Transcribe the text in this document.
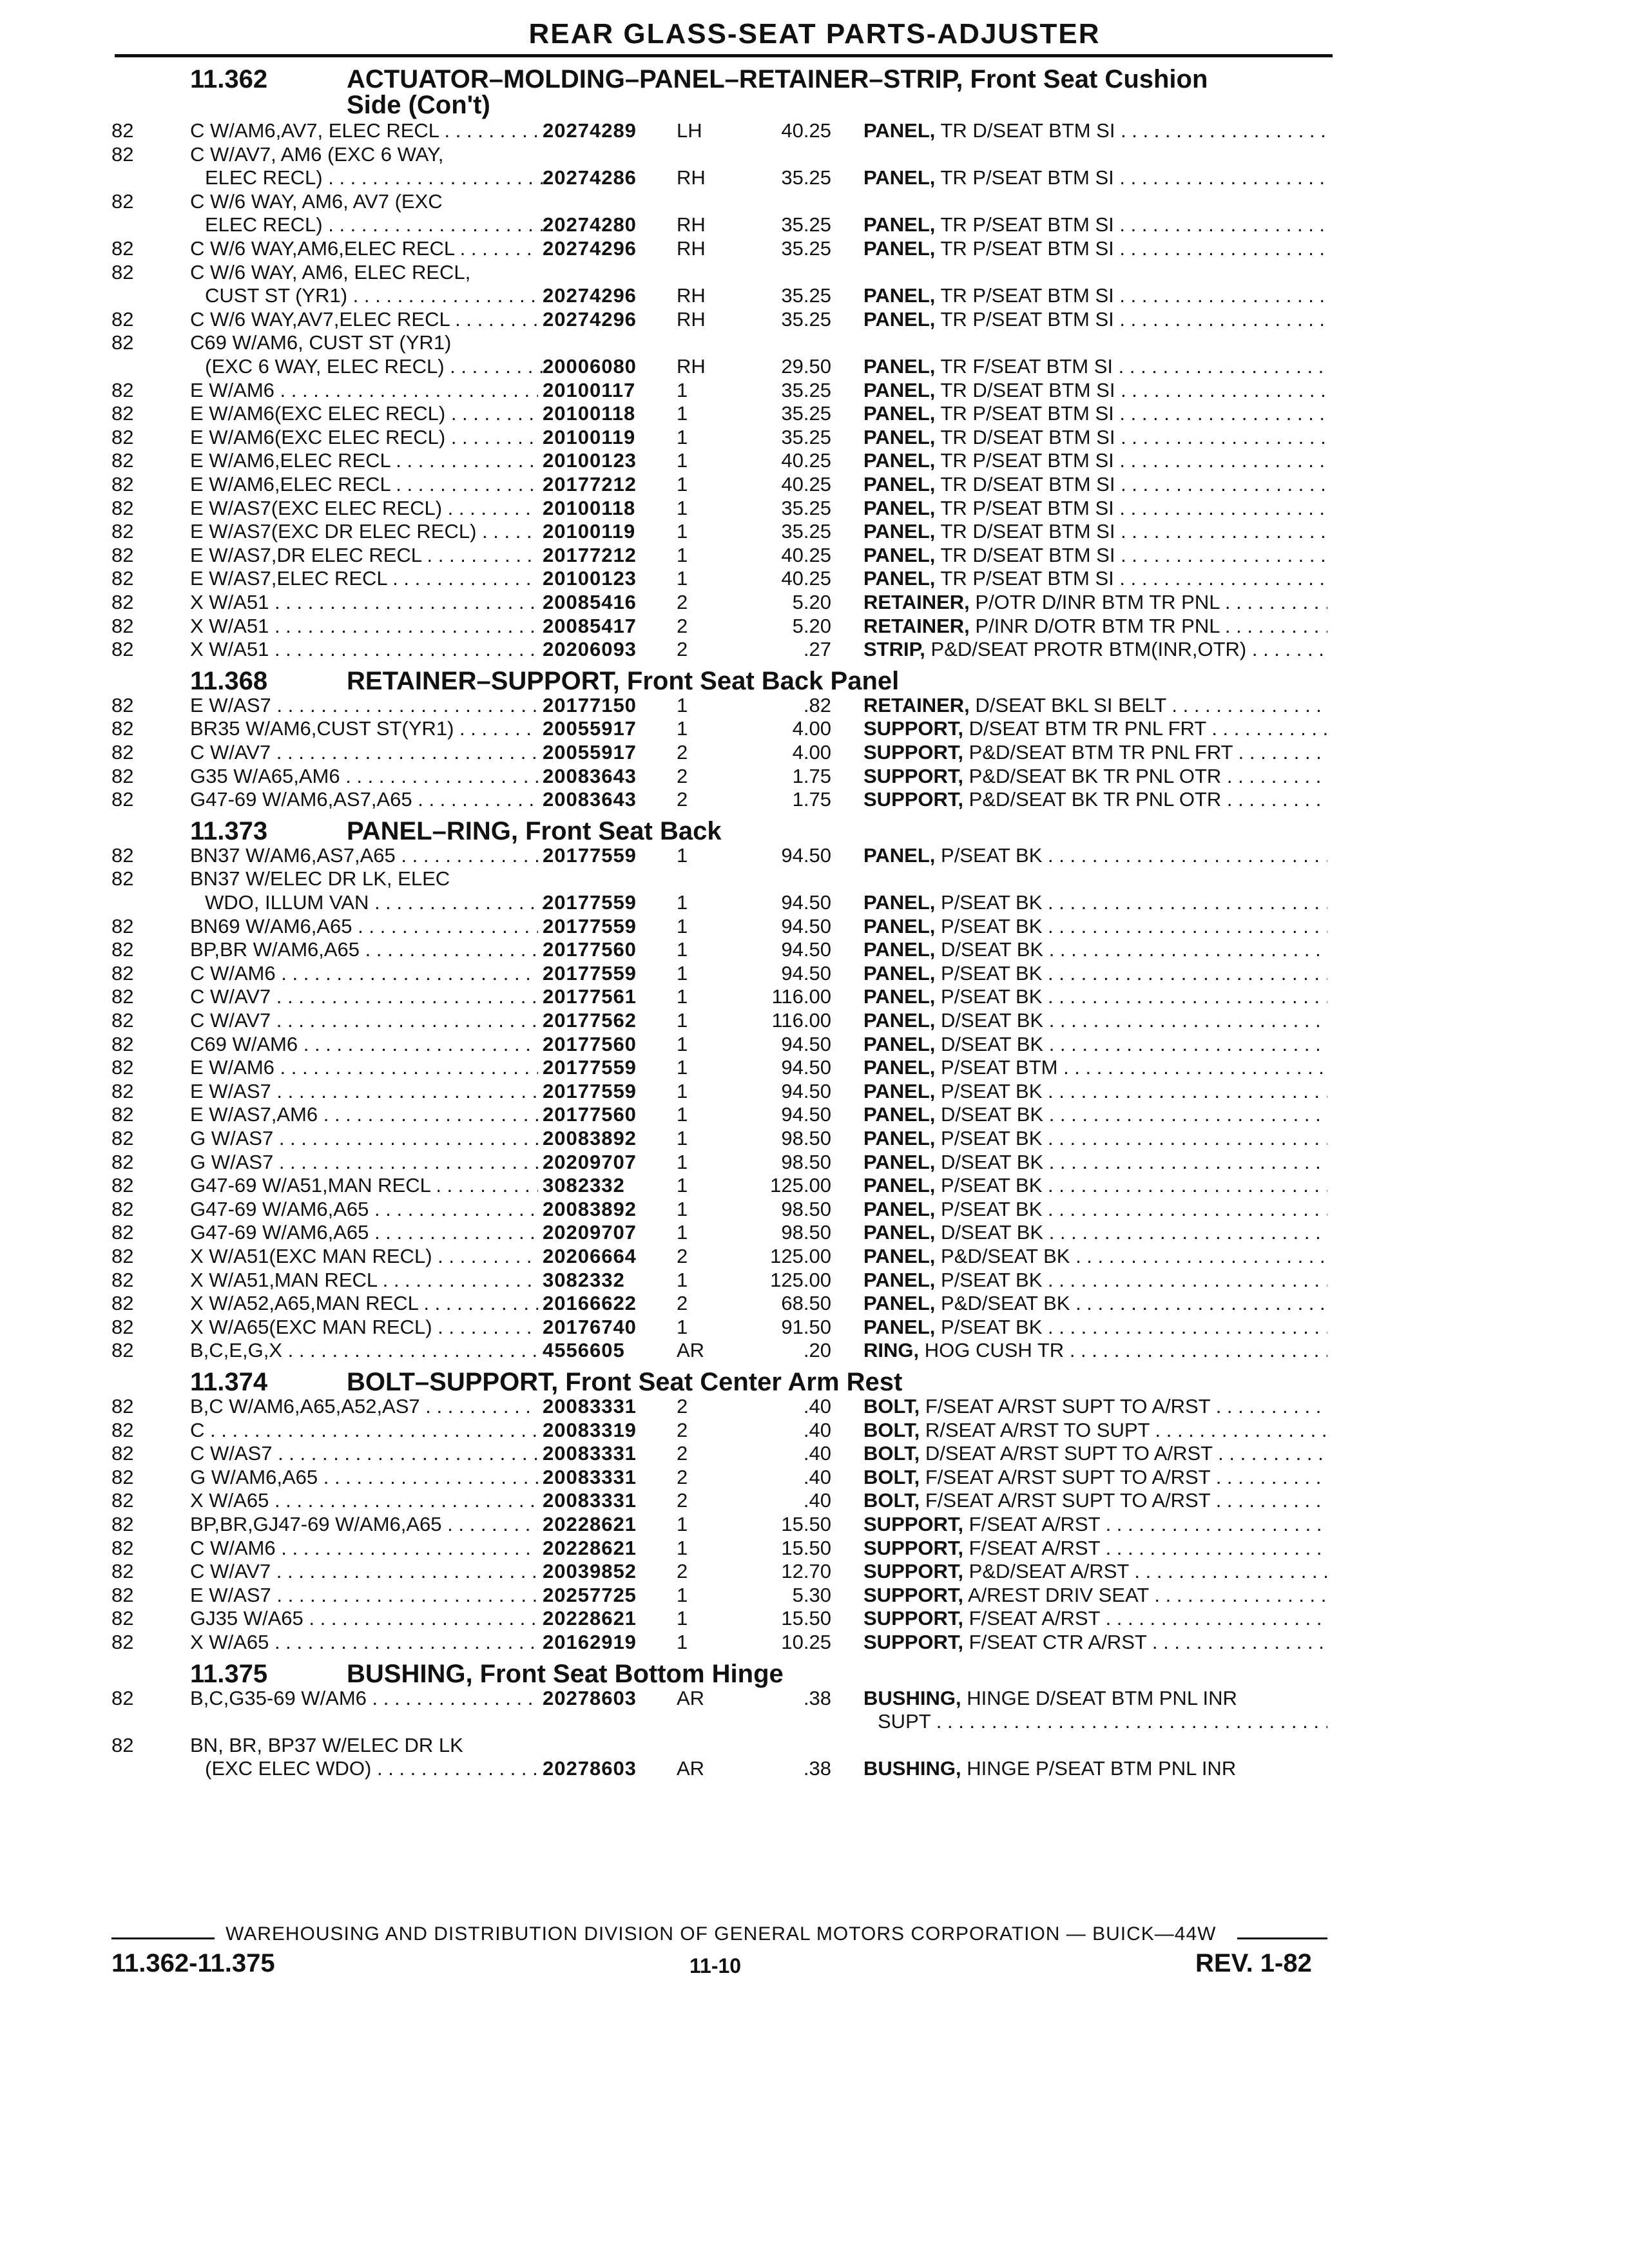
REAR GLASS-SEAT PARTS-ADJUSTER
11.362	ACTUATOR–MOLDING–PANEL–RETAINER–STRIP, Front Seat Cushion
Side (Con't)
82	C W/AM6,AV7, ELEC RECL . . .	20274289 LH	40.25 PANEL, TR D/SEAT BTM SI . . .
82	C W/AV7, AM6 (EXC 6 WAY,
ELEC RECL) . . .	20274286 RH	35.25 PANEL, TR P/SEAT BTM SI . . .
82	C W/6 WAY, AM6, AV7 (EXC
ELEC RECL) . . .	20274280 RH	35.25 PANEL, TR P/SEAT BTM SI . . .
82	C W/6 WAY,AM6,ELEC RECL . . .	20274296 RH	35.25 PANEL, TR P/SEAT BTM SI . . .
82	C W/6 WAY, AM6, ELEC RECL,
CUST ST (YR1) . . .	20274296 RH	35.25 PANEL, TR P/SEAT BTM SI . . .
82	C W/6 WAY,AV7,ELEC RECL . . .	20274296 RH	35.25 PANEL, TR P/SEAT BTM SI . . .
82	C69 W/AM6, CUST ST (YR1)
(EXC 6 WAY, ELEC RECL) . . .	20006080 RH	29.50 PANEL, TR F/SEAT BTM SI . . .
82	E W/AM6 . . .	20100117 1	35.25 PANEL, TR D/SEAT BTM SI . . .
82	E W/AM6(EXC ELEC RECL) . . .	20100118 1	35.25 PANEL, TR P/SEAT BTM SI . . .
82	E W/AM6(EXC ELEC RECL) . . .	20100119 1	35.25 PANEL, TR D/SEAT BTM SI . . .
82	E W/AM6,ELEC RECL . . .	20100123 1	40.25 PANEL, TR P/SEAT BTM SI . . .
82	E W/AM6,ELEC RECL . . .	20177212 1	40.25 PANEL, TR D/SEAT BTM SI . . .
82	E W/AS7(EXC ELEC RECL) . . .	20100118 1	35.25 PANEL, TR P/SEAT BTM SI . . .
82	E W/AS7(EXC DR ELEC RECL) . . .	20100119 1	35.25 PANEL, TR D/SEAT BTM SI . . .
82	E W/AS7,DR ELEC RECL . . .	20177212 1	40.25 PANEL, TR D/SEAT BTM SI . . .
82	E W/AS7,ELEC RECL . . .	20100123 1	40.25 PANEL, TR P/SEAT BTM SI . . .
82	X W/A51 . . .	20085416 2	5.20 RETAINER, P/OTR D/INR BTM TR PNL . . .
82	X W/A51 . . .	20085417 2	5.20 RETAINER, P/INR D/OTR BTM TR PNL . . .
82	X W/A51 . . .	20206093 2	.27 STRIP, P&D/SEAT PROTR BTM(INR,OTR) . . .
11.368	RETAINER–SUPPORT, Front Seat Back Panel
82	E W/AS7 . . .	20177150 1	.82 RETAINER, D/SEAT BKL SI BELT . . .
82	BR35 W/AM6,CUST ST(YR1) . . .	20055917 1	4.00 SUPPORT, D/SEAT BTM TR PNL FRT . . .
82	C W/AV7 . . .	20055917 2	4.00 SUPPORT, P&D/SEAT BTM TR PNL FRT . . .
82	G35 W/A65,AM6 . . .	20083643 2	1.75 SUPPORT, P&D/SEAT BK TR PNL OTR . . .
82	G47-69 W/AM6,AS7,A65 . . .	20083643 2	1.75 SUPPORT, P&D/SEAT BK TR PNL OTR . . .
11.373	PANEL–RING, Front Seat Back
82	BN37 W/AM6,AS7,A65 . . .	20177559 1	94.50 PANEL, P/SEAT BK . . .
82	BN37 W/ELEC DR LK, ELEC
WDO, ILLUM VAN . . .	20177559 1	94.50 PANEL, P/SEAT BK . . .
82	BN69 W/AM6,A65 . . .	20177559 1	94.50 PANEL, P/SEAT BK . . .
82	BP,BR W/AM6,A65 . . .	20177560 1	94.50 PANEL, D/SEAT BK . . .
82	C W/AM6 . . .	20177559 1	94.50 PANEL, P/SEAT BK . . .
82	C W/AV7 . . .	20177561 1	116.00 PANEL, P/SEAT BK . . .
82	C W/AV7 . . .	20177562 1	116.00 PANEL, D/SEAT BK . . .
82	C69 W/AM6 . . .	20177560 1	94.50 PANEL, D/SEAT BK . . .
82	E W/AM6 . . .	20177559 1	94.50 PANEL, P/SEAT BTM . . .
82	E W/AS7 . . .	20177559 1	94.50 PANEL, P/SEAT BK . . .
82	E W/AS7,AM6 . . .	20177560 1	94.50 PANEL, D/SEAT BK . . .
82	G W/AS7 . . .	20083892 1	98.50 PANEL, P/SEAT BK . . .
82	G W/AS7 . . .	20209707 1	98.50 PANEL, D/SEAT BK . . .
82	G47-69 W/A51,MAN RECL . . .	3082332	1	125.00 PANEL, P/SEAT BK . . .
82	G47-69 W/AM6,A65 . . .	20083892 1	98.50 PANEL, P/SEAT BK . . .
82	G47-69 W/AM6,A65 . . .	20209707 1	98.50 PANEL, D/SEAT BK . . .
82	X W/A51(EXC MAN RECL) . . .	20206664 2	125.00 PANEL, P&D/SEAT BK . . .
82	X W/A51,MAN RECL . . .	3082332	1	125.00 PANEL, P/SEAT BK . . .
82	X W/A52,A65,MAN RECL . . .	20166622 2	68.50 PANEL, P&D/SEAT BK . . .
82	X W/A65(EXC MAN RECL) . . .	20176740 1	91.50 PANEL, P/SEAT BK . . .
82	B,C,E,G,X . . .	4556605	AR	.20 RING, HOG CUSH TR . . .
11.374	BOLT–SUPPORT, Front Seat Center Arm Rest
82	B,C W/AM6,A65,A52,AS7 . . .	20083331 2	.40 BOLT, F/SEAT A/RST SUPT TO A/RST . . .
82	C . . .	20083319 2	.40 BOLT, R/SEAT A/RST TO SUPT . . .
82	C W/AS7 . . .	20083331 2	.40 BOLT, D/SEAT A/RST SUPT TO A/RST . . .
82	G W/AM6,A65 . . .	20083331 2	.40 BOLT, F/SEAT A/RST SUPT TO A/RST . . .
82	X W/A65 . . .	20083331 2	.40 BOLT, F/SEAT A/RST SUPT TO A/RST . . .
82	BP,BR,GJ47-69 W/AM6,A65 . . .	20228621 1	15.50 SUPPORT, F/SEAT A/RST . . .
82	C W/AM6 . . .	20228621 1	15.50 SUPPORT, F/SEAT A/RST . . .
82	C W/AV7 . . .	20039852 2	12.70 SUPPORT, P&D/SEAT A/RST . . .
82	E W/AS7 . . .	20257725 1	5.30 SUPPORT, A/REST DRIV SEAT . . .
82	GJ35 W/A65 . . .	20228621 1	15.50 SUPPORT, F/SEAT A/RST . . .
82	X W/A65 . . .	20162919 1	10.25 SUPPORT, F/SEAT CTR A/RST . . .
11.375	BUSHING, Front Seat Bottom Hinge
82	B,C,G35-69 W/AM6 . . .	20278603 AR	.38 BUSHING, HINGE D/SEAT BTM PNL INR
SUPT . . .
82	BN, BR, BP37 W/ELEC DR LK
(EXC ELEC WDO) . . .	20278603 AR	.38 BUSHING, HINGE P/SEAT BTM PNL INR
WAREHOUSING AND DISTRIBUTION DIVISION OF GENERAL MOTORS CORPORATION — BUICK—44W
11.362-11.375	11-10	REV. 1-82
